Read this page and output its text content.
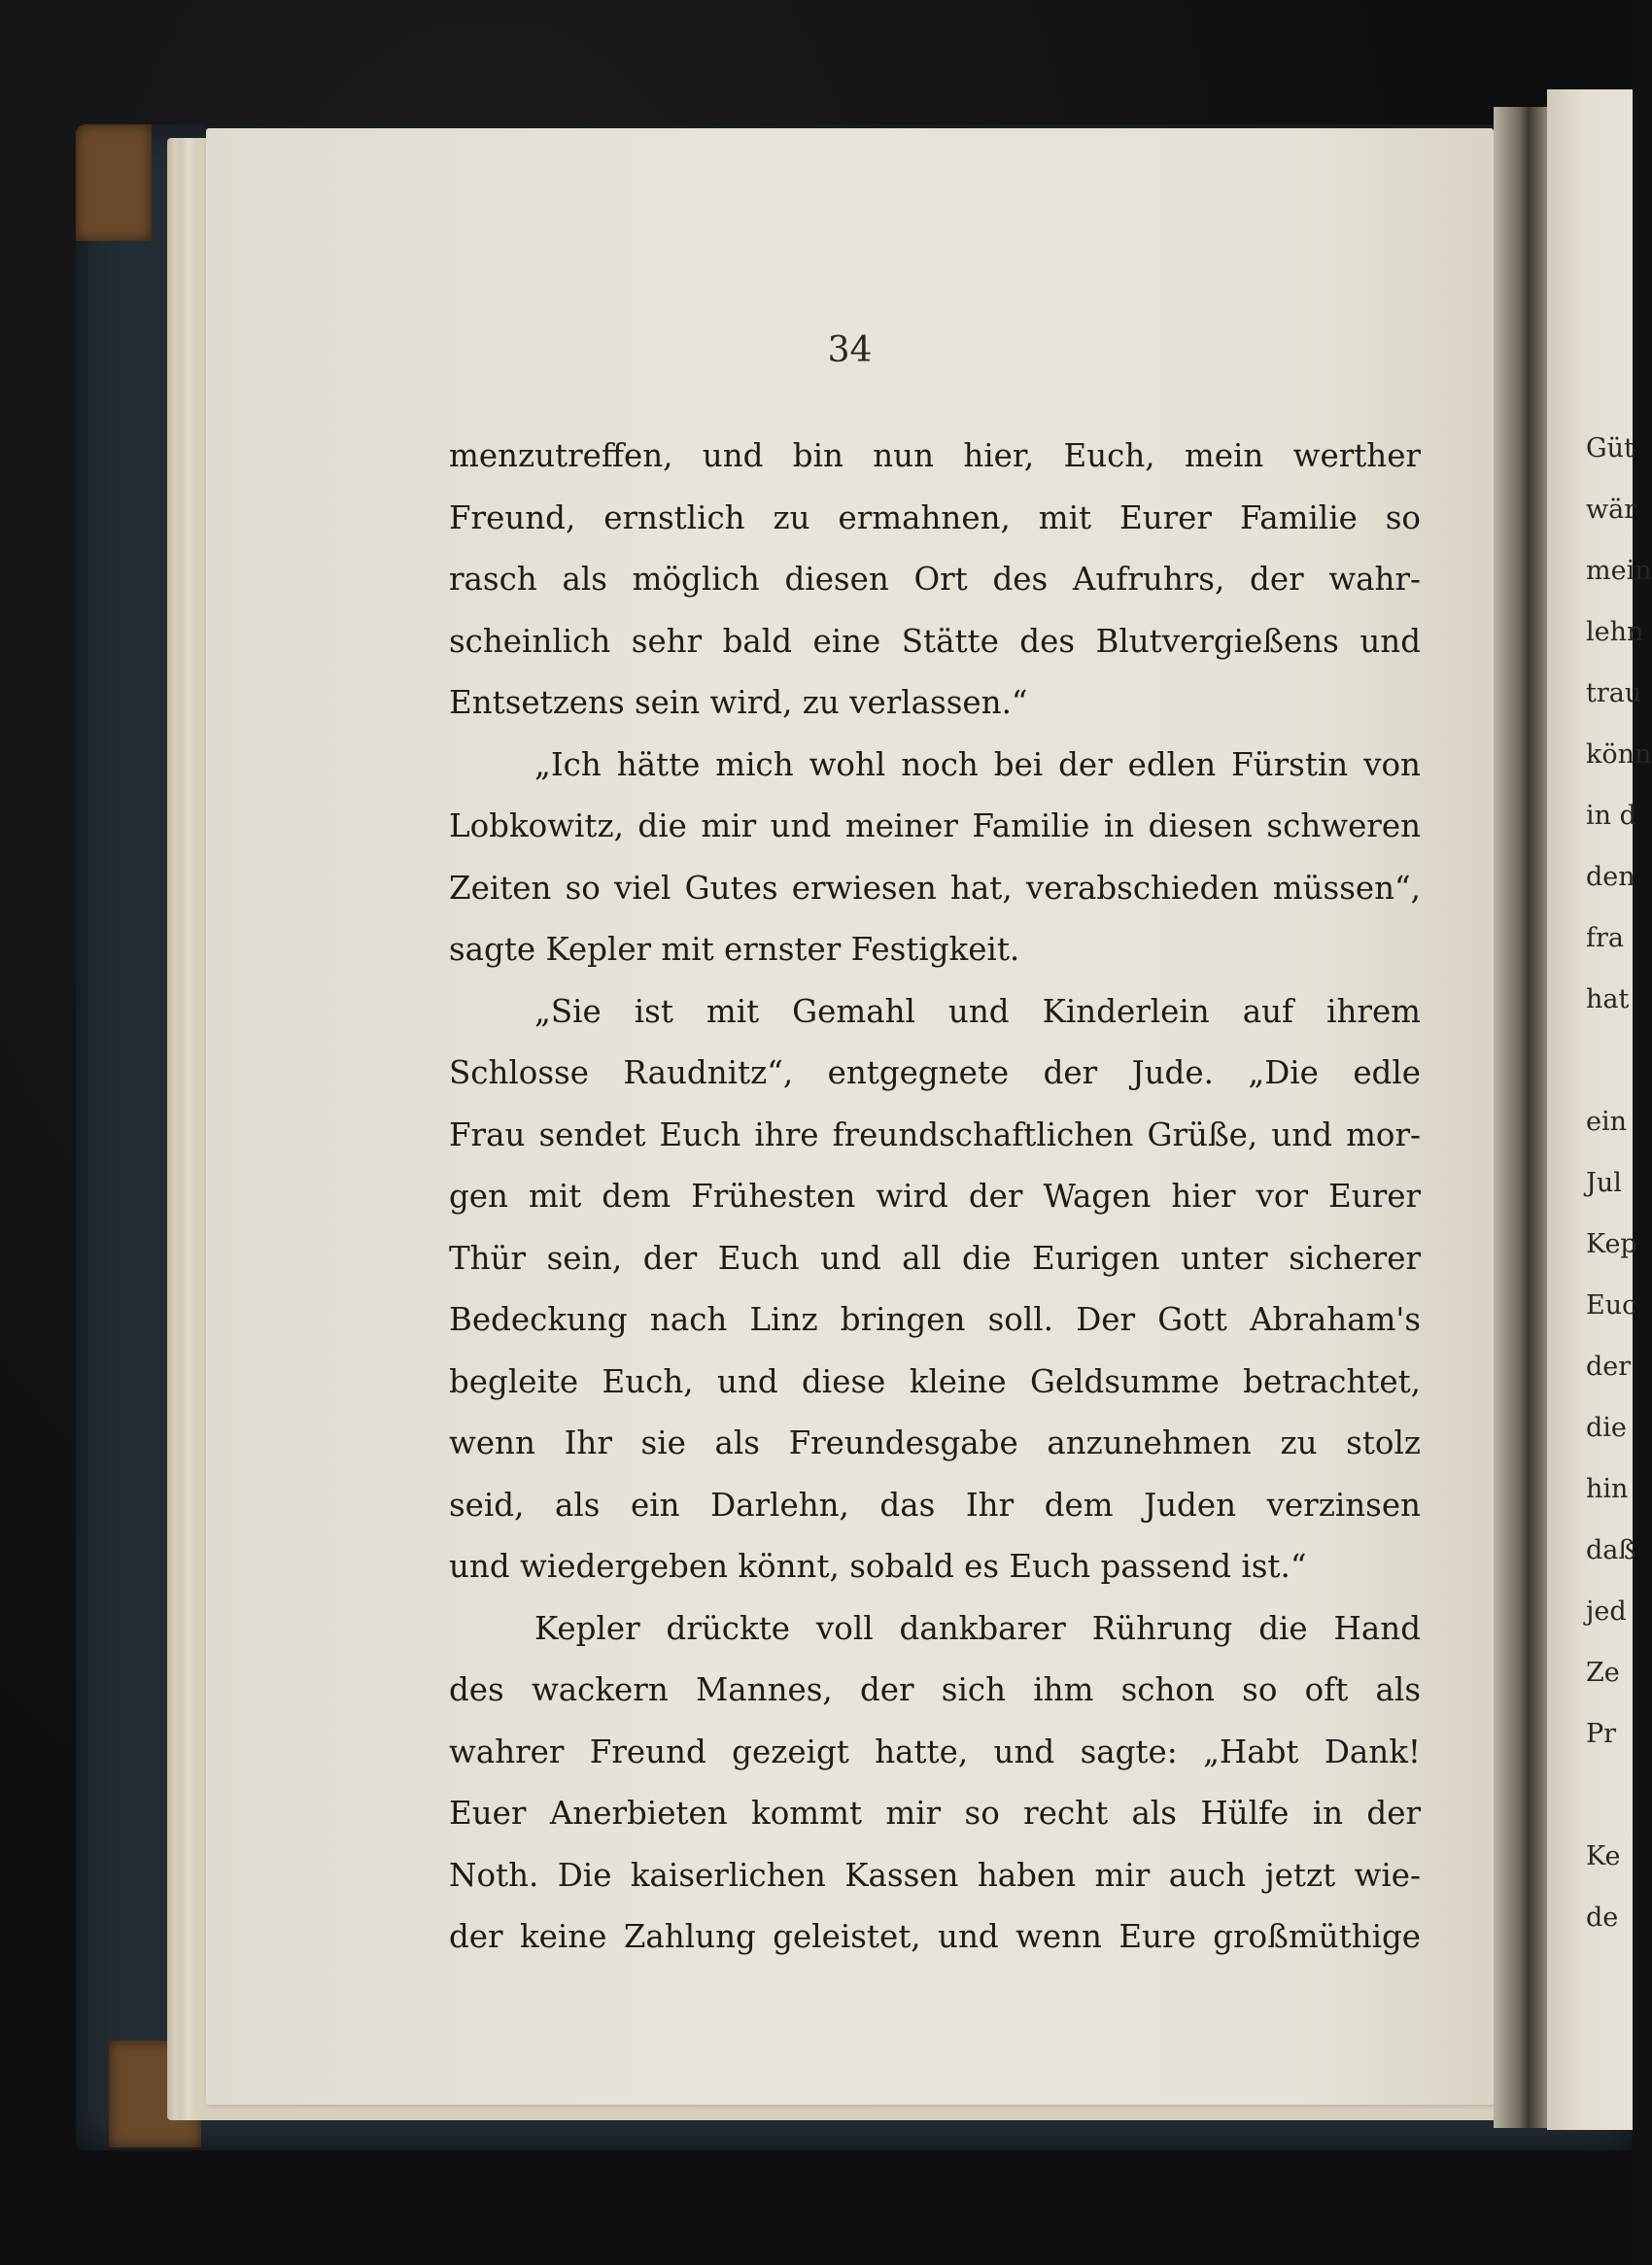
34
menzutreffen, und bin nun hier, Euch, mein werther
Freund, ernstlich zu ermahnen, mit Eurer Familie so
rasch als möglich diesen Ort des Aufruhrs, der wahr-
scheinlich sehr bald eine Stätte des Blutvergießens und
Entsetzens sein wird, zu verlassen.“
„Ich hätte mich wohl noch bei der edlen Fürstin von
Lobkowitz, die mir und meiner Familie in diesen schweren
Zeiten so viel Gutes erwiesen hat, verabschieden müssen“,
sagte Kepler mit ernster Festigkeit.
„Sie ist mit Gemahl und Kinderlein auf ihrem
Schlosse Raudnitz“, entgegnete der Jude. „Die edle
Frau sendet Euch ihre freundschaftlichen Grüße, und mor-
gen mit dem Frühesten wird der Wagen hier vor Eurer
Thür sein, der Euch und all die Eurigen unter sicherer
Bedeckung nach Linz bringen soll. Der Gott Abraham's
begleite Euch, und diese kleine Geldsumme betrachtet,
wenn Ihr sie als Freundesgabe anzunehmen zu stolz
seid, als ein Darlehn, das Ihr dem Juden verzinsen
und wiedergeben könnt, sobald es Euch passend ist.“
Kepler drückte voll dankbarer Rührung die Hand
des wackern Mannes, der sich ihm schon so oft als
wahrer Freund gezeigt hatte, und sagte: „Habt Dank!
Euer Anerbieten kommt mir so recht als Hülfe in der
Noth. Die kaiserlichen Kassen haben mir auch jetzt wie-
der keine Zahlung geleistet, und wenn Eure großmüthige
Güt
wär
mein
lehn
trau
könn
in d
den
fra
hat
ein
Jul
Kep
Euc
der
die
hin
daß
jed
Ze
Pr
Ke
de
